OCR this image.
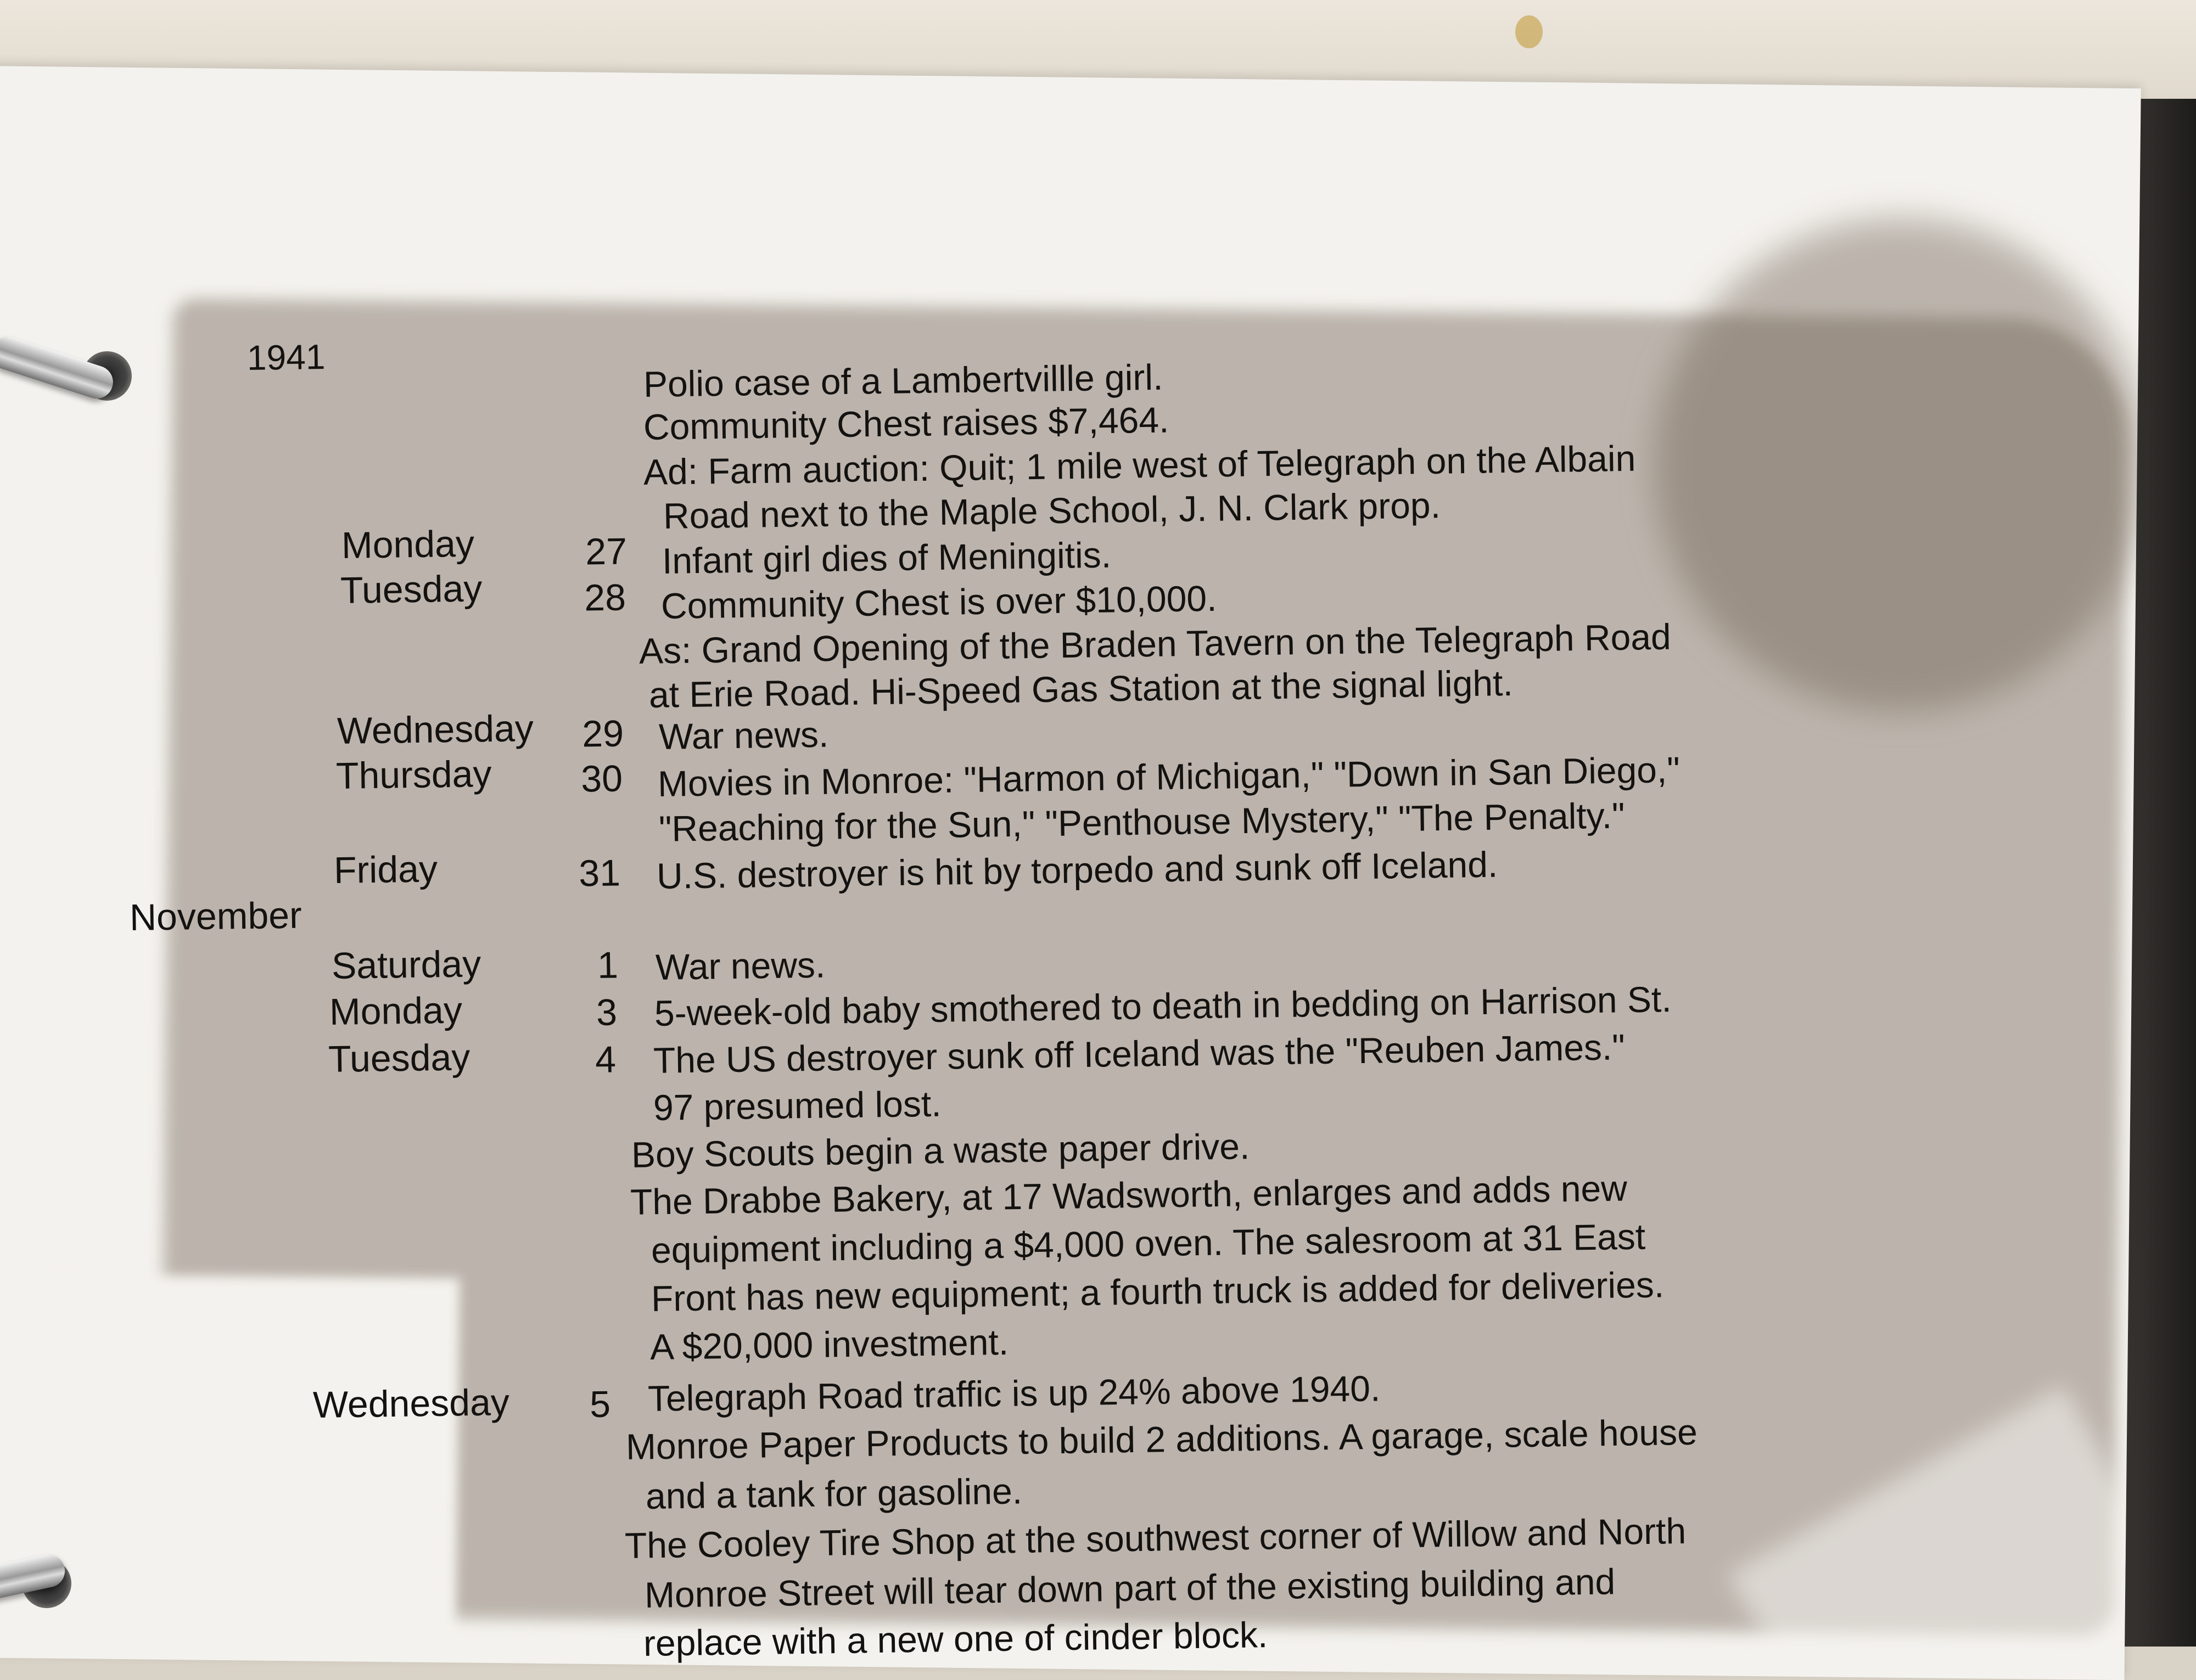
1941	Polio case of a Lambertvillle girl.
Community Chest raises $7,464.
Ad: Farm auction: Quit; 1 mile west of Telegraph on the Albain
Road next to the Maple School, J. N. Clark prop.
Monday	27 Infant girl dies of Meningitis.
Tuesday	28 Community Chest is over $10,000.
As: Grand Opening of the Braden Tavern on the Telegraph Road
at Erie Road. Hi-Speed Gas Station at the signal light.
Wednesday	29 War news.
Thursday	30 Movies in Monroe: "Harmon of Michigan," "Down in San Diego,"
"Reaching for the Sun," "Penthouse Mystery," "The Penalty."
Friday	31 U.S. destroyer is hit by torpedo and sunk off Iceland.
November
Saturday	1 War news.
Monday	3 5-week-old baby smothered to death in bedding on Harrison St.
Tuesday	4 The US destroyer sunk off Iceland was the "Reuben James."
97 presumed lost.
Boy Scouts begin a waste paper drive.
The Drabbe Bakery, at 17 Wadsworth, enlarges and adds new
equipment including a $4,000 oven. The salesroom at 31 East
Front has new equipment; a fourth truck is added for deliveries.
A $20,000 investment.
Wednesday	5 Telegraph Road traffic is up 24% above 1940.
Monroe Paper Products to build 2 additions. A garage, scale house
and a tank for gasoline.
The Cooley Tire Shop at the southwest corner of Willow and North
Monroe Street will tear down part of the existing building and
replace with a new one of cinder block.
